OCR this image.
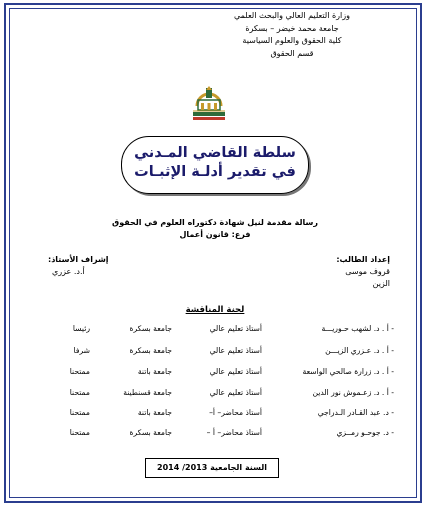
وزارة التعليم العالي والبحث العلمي
جامعة محمد خيضر – بسكرة
كلية الحقوق والعلوم السياسية
قسم الحقوق
سلطة القاضي المـدني
في تقدير أدلـة الإثبـات
رسالة مقدمة لنيل شهادة دكتوراه العلوم في الحقوق
فرع: قانون أعمال
إعداد الطالب:
قروف موسى
الزين
إشراف الأستاذ:
أ.د. عزري
لجنة المناقشة
- أ . د. لشهب حـوريـــة
أستاذ تعليم عالي
جامعة بسكرة
رئيسا
- أ . د. عـزري الزيـــن
أستاذ تعليم عالي
جامعة بسكرة
شرفا
- أ . د. زرارة صالحي الواسعة
أستاذ تعليم عالي
جامعة باتنة
ممتحنا
- أ . د. زعـموش نور الدين
أستاذ تعليم عالي
جامعة قسنطينة
ممتحنا
- د. عبد القـادر الـدراجي
أستاذ محاضر– أ–
جامعة باتنة
ممتحنا
- د. جوحـو رمــزي
أستاذ محاضر– أ –
جامعة بسكرة
ممتحنا
السنة الجامعية 2013/ 2014
